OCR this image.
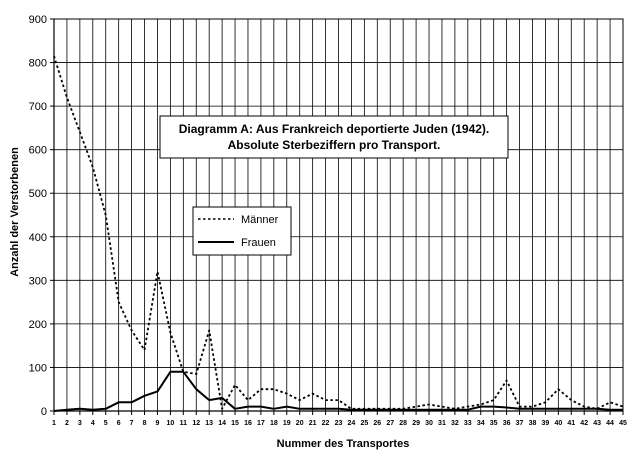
0
100
200
300
400
500
600
700
800
900
1 2 3 4 5 6 7 8 9 10 11 12 13 14 15 16 17 18 19 20 21 22 23 24 25 26 27 28 29 30 31 32 33 34 35 36 37 38 39 40 41 42 43 44 45
Anzahl der Verstorbenen
Nummer des Transportes
Diagramm A: Aus Frankreich deportierte Juden (1942).
Absolute Sterbeziffern pro Transport.
Männer
Frauen
